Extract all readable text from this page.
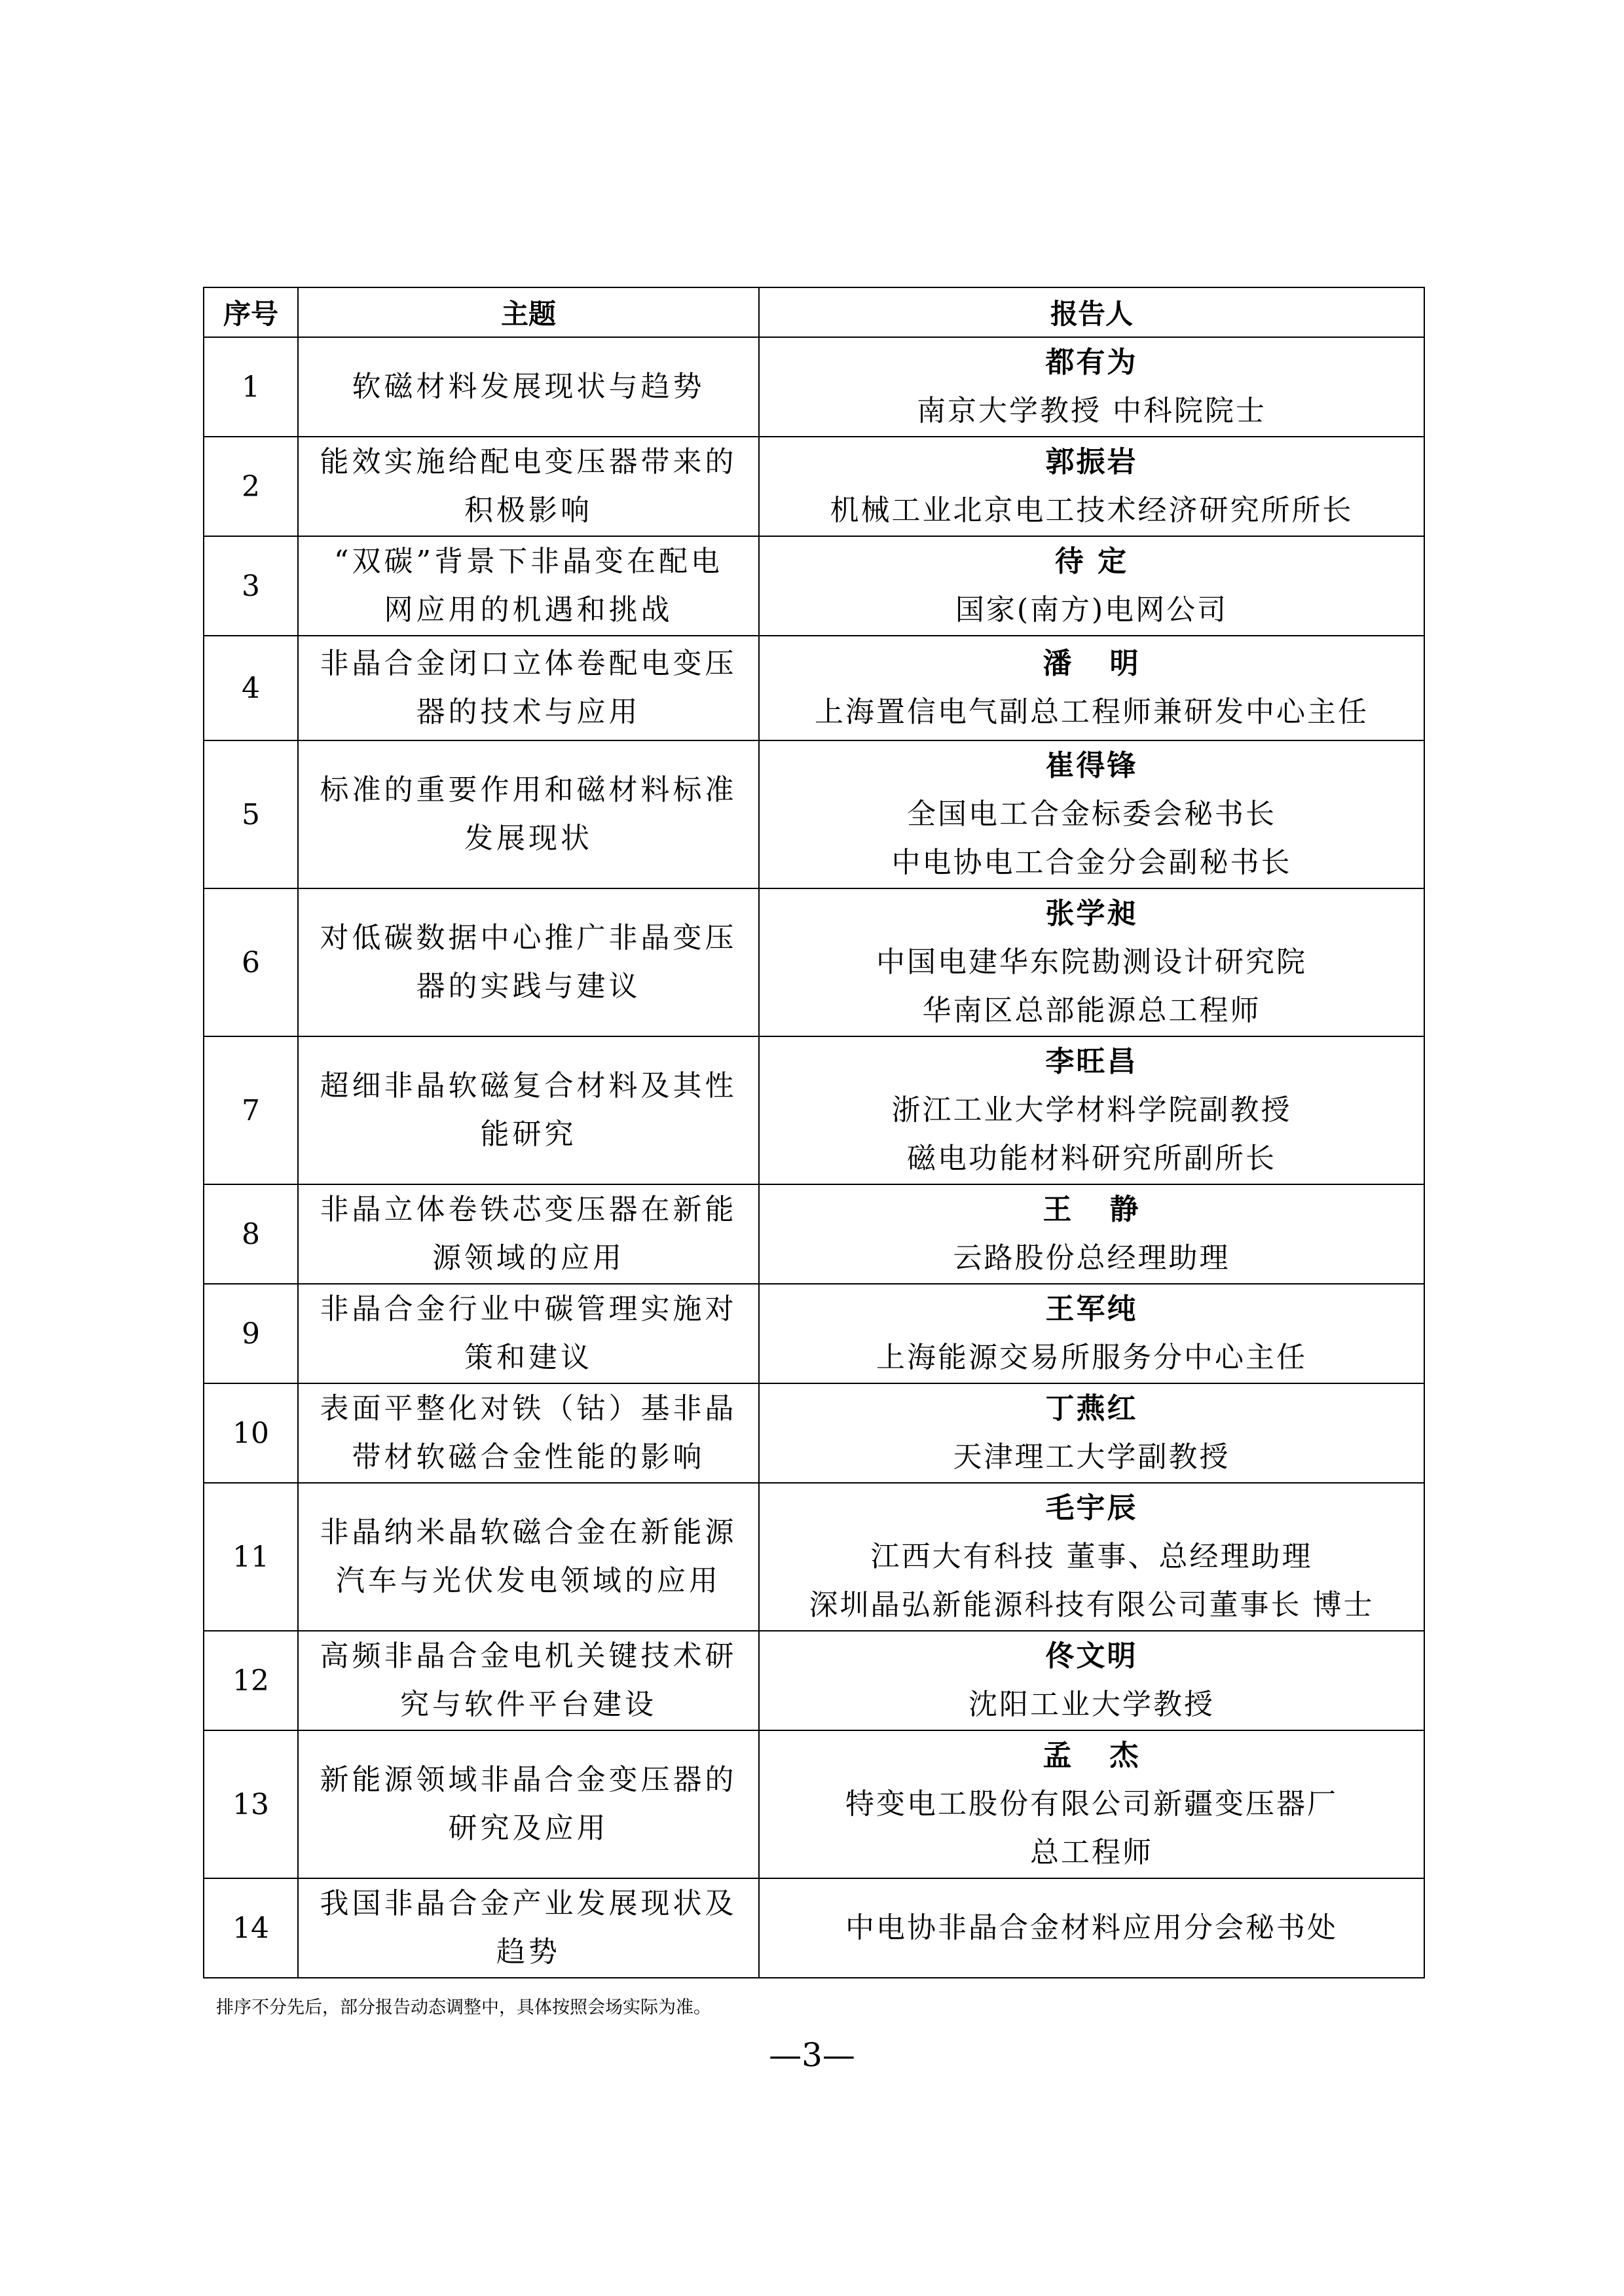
序号	主题	报告人
1	软磁材料发展现状与趋势	都有为
南京大学教授 中科院院士

2	能效实施给配电变压器带来的
积极影响	郭振岩
机械工业北京电工技术经济研究所所长

3	“双碳”背景下非晶变在配电
网应用的机遇和挑战	待 定
国家(南方)电网公司

4	非晶合金闭口立体卷配电变压
器的技术与应用	潘   明
上海置信电气副总工程师兼研发中心主任

5	标准的重要作用和磁材料标准
发展现状	崔得锋
全国电工合金标委会秘书长
中电协电工合金分会副秘书长

6	对低碳数据中心推广非晶变压
器的实践与建议	张学昶
中国电建华东院勘测设计研究院
华南区总部能源总工程师

7	超细非晶软磁复合材料及其性
能研究	李旺昌
浙江工业大学材料学院副教授
磁电功能材料研究所副所长

8	非晶立体卷铁芯变压器在新能
源领域的应用	王   静
云路股份总经理助理

9	非晶合金行业中碳管理实施对
策和建议	王军纯
上海能源交易所服务分中心主任

10	表面平整化对铁（钴）基非晶
带材软磁合金性能的影响	丁燕红
天津理工大学副教授

11	非晶纳米晶软磁合金在新能源
汽车与光伏发电领域的应用	毛宇辰
江西大有科技 董事、总经理助理
深圳晶弘新能源科技有限公司董事长 博士

12	高频非晶合金电机关键技术研
究与软件平台建设	佟文明
沈阳工业大学教授

13	新能源领域非晶合金变压器的
研究及应用	孟   杰
特变电工股份有限公司新疆变压器厂
总工程师

14	我国非晶合金产业发展现状及
趋势	中电协非晶合金材料应用分会秘书处
排序不分先后，部分报告动态调整中，具体按照会场实际为准。
—3—
